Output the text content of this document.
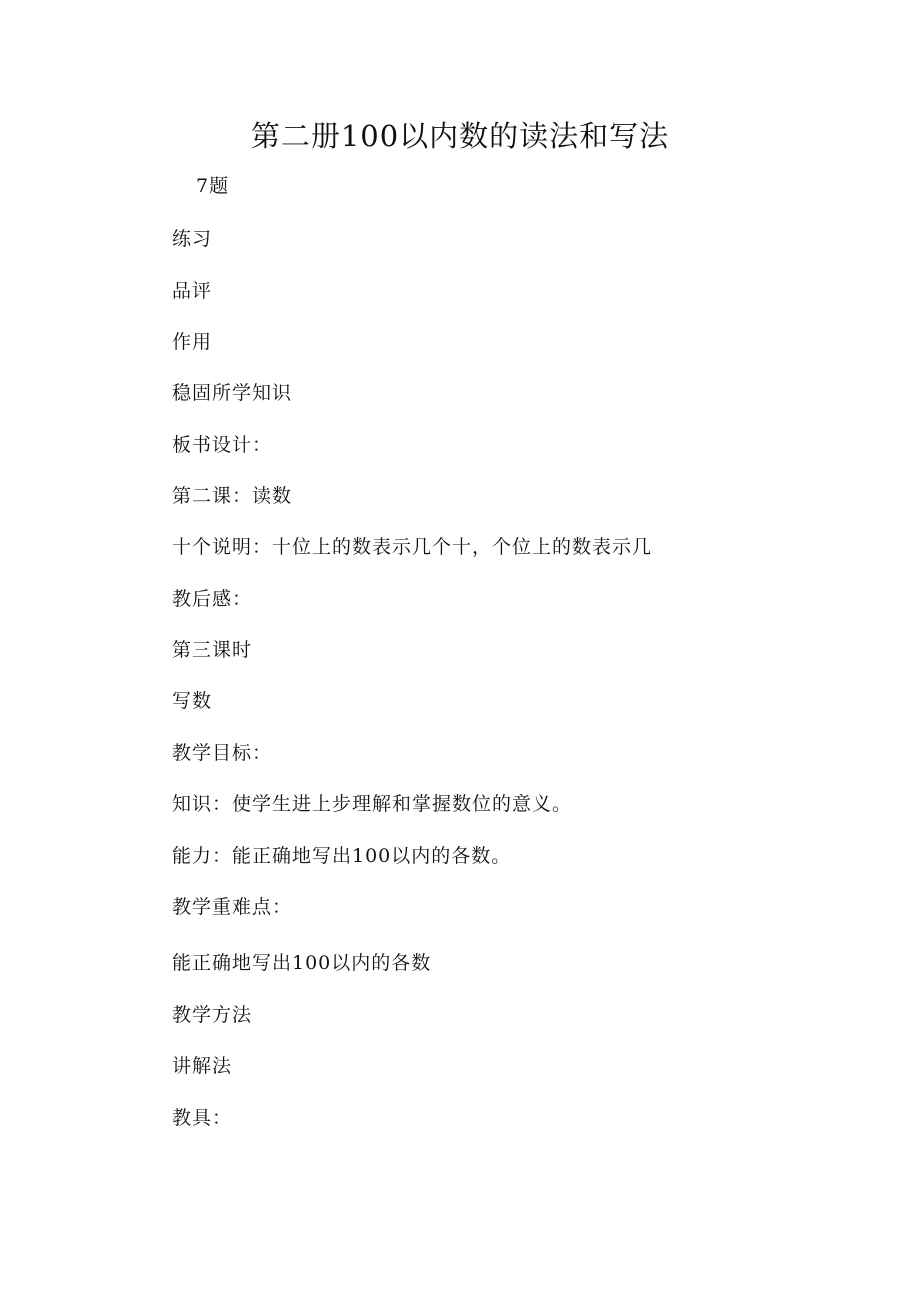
第二册100以内数的读法和写法
7题
练习
品评
作用
稳固所学知识
板书设计：
第二课：读数
十个说明：十位上的数表示几个十，个位上的数表示几
教后感：
第三课时
写数
教学目标：
知识：使学生进上步理解和掌握数位的意义。
能力：能正确地写出100以内的各数。
教学重难点：
能正确地写出100以内的各数
教学方法
讲解法
教具：
